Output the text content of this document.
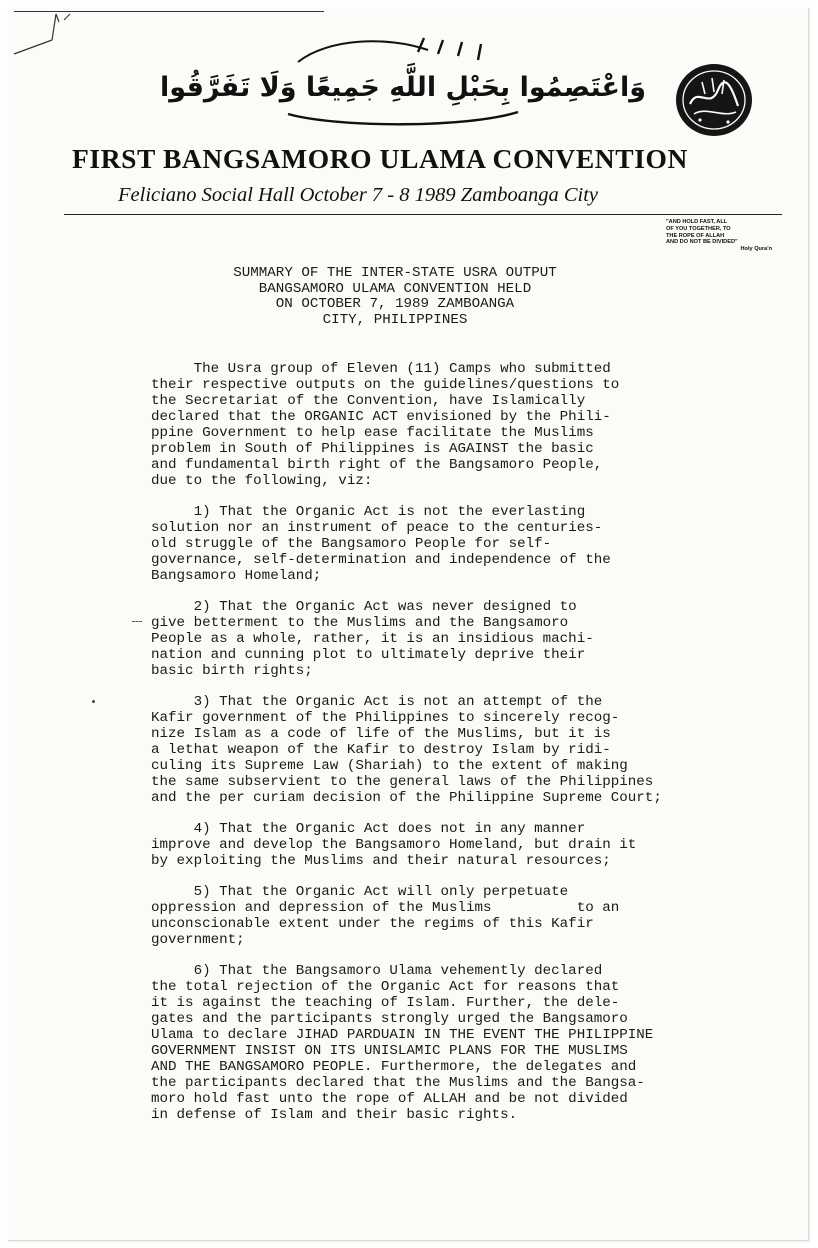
وَاعْتَصِمُوا بِحَبْلِ اللَّهِ جَمِيعًا وَلَا تَفَرَّقُوا
FIRST BANGSAMORO ULAMA CONVENTION
Feliciano Social Hall October 7 - 8 1989 Zamboanga City
"AND HOLD FAST, ALL
OF YOU TOGETHER, TO
THE ROPE OF ALLAH
AND DO NOT BE DIVIDED"
Holy Qura'n
SUMMARY OF THE INTER-STATE USRA OUTPUT
BANGSAMORO ULAMA CONVENTION HELD
ON OCTOBER 7, 1989 ZAMBOANGA
CITY, PHILIPPINES
The Usra group of Eleven (11) Camps who submitted
their respective outputs on the guidelines/questions to
the Secretariat of the Convention, have Islamically
declared that the ORGANIC ACT envisioned by the Phili-
ppine Government to help ease facilitate the Muslims
problem in South of Philippines is AGAINST the basic
and fundamental birth right of the Bangsamoro People,
due to the following, viz:
1) That the Organic Act is not the everlasting
solution nor an instrument of peace to the centuries-
old struggle of the Bangsamoro People for self-
governance, self-determination and independence of the
Bangsamoro Homeland;
2) That the Organic Act was never designed to
give betterment to the Muslims and the Bangsamoro
People as a whole, rather, it is an insidious machi-
nation and cunning plot to ultimately deprive their
basic birth rights;
3) That the Organic Act is not an attempt of the
Kafir government of the Philippines to sincerely recog-
nize Islam as a code of life of the Muslims, but it is
a lethat weapon of the Kafir to destroy Islam by ridi-
culing its Supreme Law (Shariah) to the extent of making
the same subservient to the general laws of the Philippines
and the per curiam decision of the Philippine Supreme Court;
4) That the Organic Act does not in any manner
improve and develop the Bangsamoro Homeland, but drain it
by exploiting the Muslims and their natural resources;
5) That the Organic Act will only perpetuate
oppression and depression of the Muslims          to an
unconscionable extent under the regims of this Kafir
government;
6) That the Bangsamoro Ulama vehemently declared
the total rejection of the Organic Act for reasons that
it is against the teaching of Islam. Further, the dele-
gates and the participants strongly urged the Bangsamoro
Ulama to declare JIHAD PARDUAIN IN THE EVENT THE PHILIPPINE
GOVERNMENT INSIST ON ITS UNISLAMIC PLANS FOR THE MUSLIMS
AND THE BANGSAMORO PEOPLE. Furthermore, the delegates and
the participants declared that the Muslims and the Bangsa-
moro hold fast unto the rope of ALLAH and be not divided
in defense of Islam and their basic rights.
